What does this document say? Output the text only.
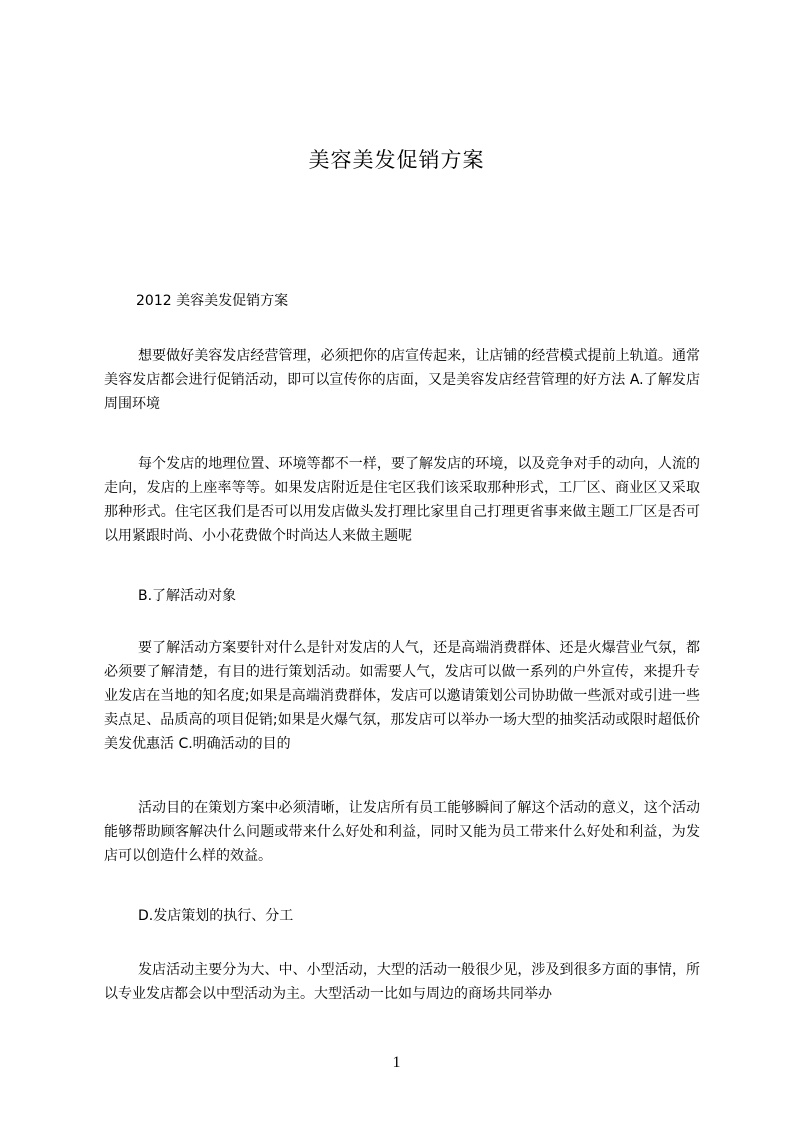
美容美发促销方案
2012 美容美发促销方案
想要做好美容发店经营管理，必须把你的店宣传起来，让店铺的经营模式提前上轨道。通常美容发店都会进行促销活动，即可以宣传你的店面，又是美容发店经营管理的好方法 A.了解发店周围环境
每个发店的地理位置、环境等都不一样，要了解发店的环境，以及竞争对手的动向，人流的走向，发店的上座率等等。如果发店附近是住宅区我们该采取那种形式，工厂区、商业区又采取那种形式。住宅区我们是否可以用发店做头发打理比家里自己打理更省事来做主题工厂区是否可以用紧跟时尚、小小花费做个时尚达人来做主题呢
B.了解活动对象
要了解活动方案要针对什么是针对发店的人气，还是高端消费群体、还是火爆营业气氛，都必须要了解清楚，有目的进行策划活动。如需要人气，发店可以做一系列的户外宣传，来提升专业发店在当地的知名度;如果是高端消费群体，发店可以邀请策划公司协助做一些派对或引进一些卖点足、品质高的项目促销;如果是火爆气氛，那发店可以举办一场大型的抽奖活动或限时超低价美发优惠活 C.明确活动的目的
活动目的在策划方案中必须清晰，让发店所有员工能够瞬间了解这个活动的意义，这个活动能够帮助顾客解决什么问题或带来什么好处和利益，同时又能为员工带来什么好处和利益，为发店可以创造什么样的效益。
D.发店策划的执行、分工
发店活动主要分为大、中、小型活动，大型的活动一般很少见，涉及到很多方面的事情，所以专业发店都会以中型活动为主。大型活动一比如与周边的商场共同举办
1
